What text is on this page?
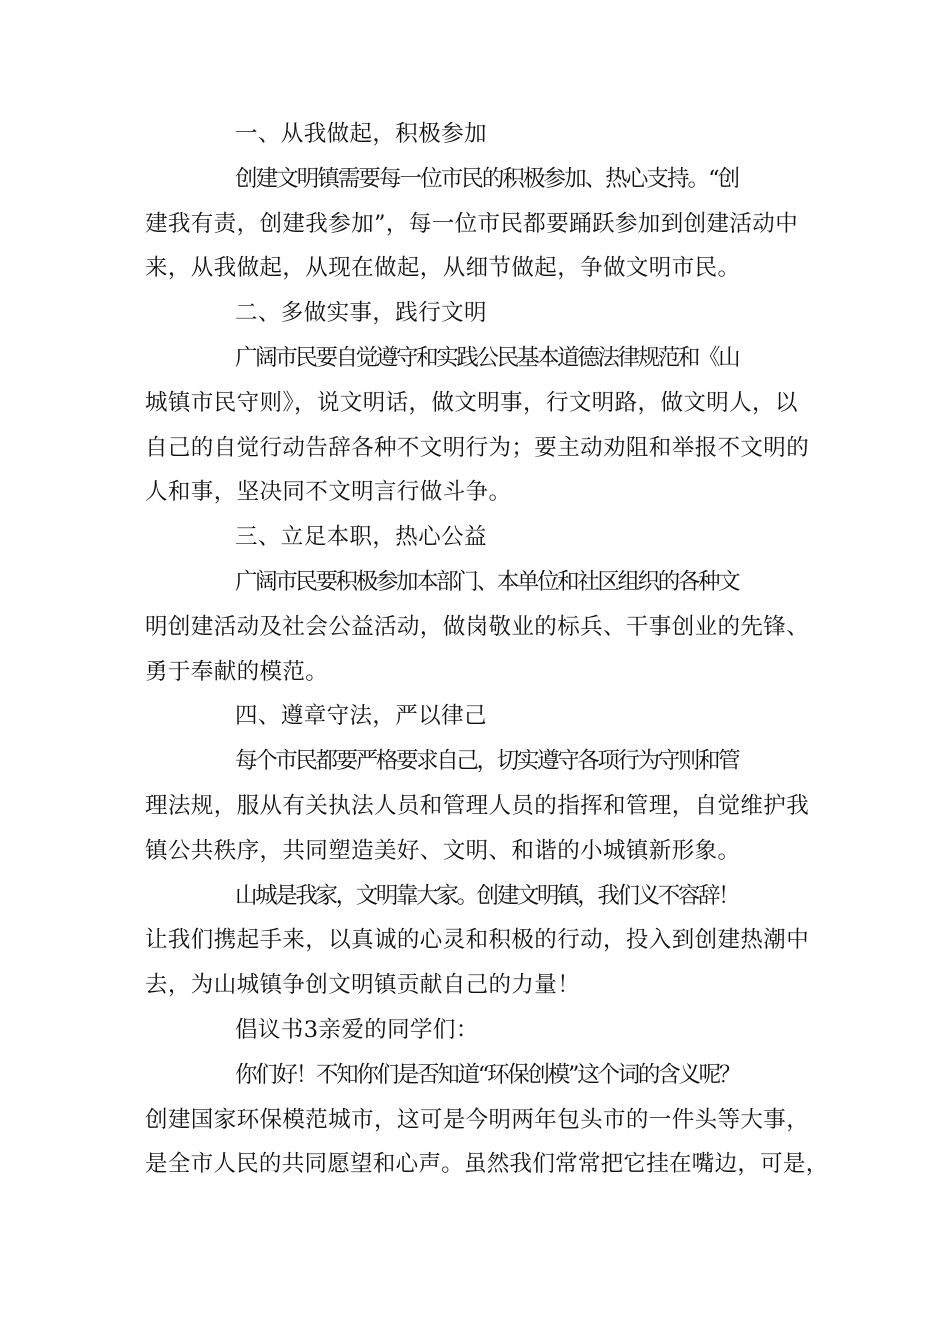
一、从我做起，积极参加
创建文明镇需要每一位市民的积极参加、热心支持。“创
建我有责，创建我参加”，每一位市民都要踊跃参加到创建活动中
来，从我做起，从现在做起，从细节做起，争做文明市民。
二、多做实事，践行文明
广阔市民要自觉遵守和实践公民基本道德法律规范和《山
城镇市民守则》，说文明话，做文明事，行文明路，做文明人，以
自己的自觉行动告辞各种不文明行为；要主动劝阻和举报不文明的
人和事，坚决同不文明言行做斗争。
三、立足本职，热心公益
广阔市民要积极参加本部门、本单位和社区组织的各种文
明创建活动及社会公益活动，做岗敬业的标兵、干事创业的先锋、
勇于奉献的模范。
四、遵章守法，严以律己
每个市民都要严格要求自己，切实遵守各项行为守则和管
理法规，服从有关执法人员和管理人员的指挥和管理，自觉维护我
镇公共秩序，共同塑造美好、文明、和谐的小城镇新形象。
山城是我家，文明靠大家。创建文明镇，我们义不容辞！
让我们携起手来，以真诚的心灵和积极的行动，投入到创建热潮中
去，为山城镇争创文明镇贡献自己的力量！
倡议书3亲爱的同学们：
你们好！不知你们是否知道“环保创模”这个词的含义呢？
创建国家环保模范城市，这可是今明两年包头市的一件头等大事，
是全市人民的共同愿望和心声。虽然我们常常把它挂在嘴边，可是，
